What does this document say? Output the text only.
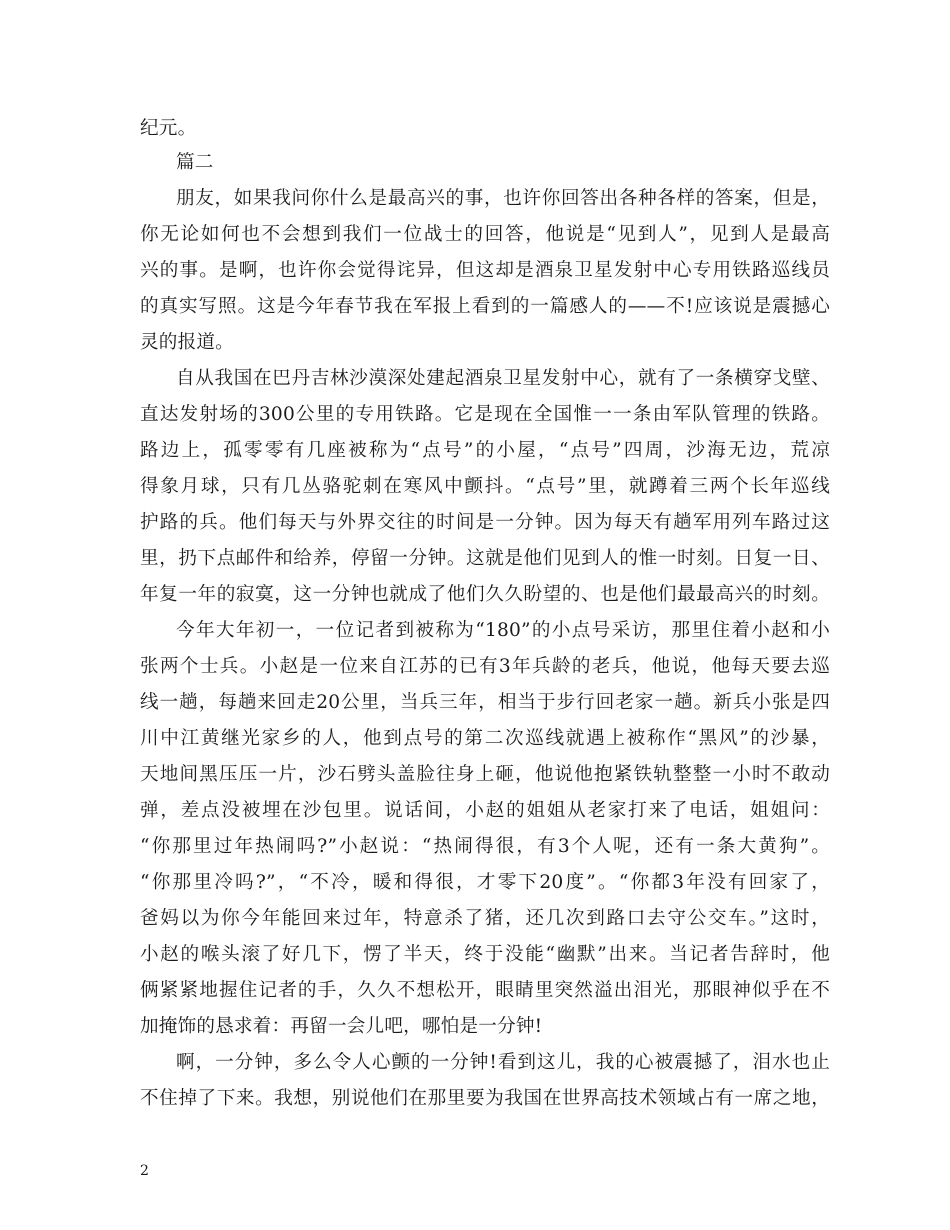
纪元。
篇二
朋友，如果我问你什么是最高兴的事，也许你回答出各种各样的答案，但是，
你无论如何也不会想到我们一位战士的回答，他说是“见到人”，见到人是最高
兴的事。是啊，也许你会觉得诧异，但这却是酒泉卫星发射中心专用铁路巡线员
的真实写照。这是今年春节我在军报上看到的一篇感人的——不!应该说是震撼心
灵的报道。
自从我国在巴丹吉林沙漠深处建起酒泉卫星发射中心，就有了一条横穿戈壁、
直达发射场的300公里的专用铁路。它是现在全国惟一一条由军队管理的铁路。
路边上，孤零零有几座被称为“点号”的小屋，“点号”四周，沙海无边，荒凉
得象月球，只有几丛骆驼刺在寒风中颤抖。“点号”里，就蹲着三两个长年巡线
护路的兵。他们每天与外界交往的时间是一分钟。因为每天有趟军用列车路过这
里，扔下点邮件和给养，停留一分钟。这就是他们见到人的惟一时刻。日复一日、
年复一年的寂寞，这一分钟也就成了他们久久盼望的、也是他们最最高兴的时刻。
今年大年初一，一位记者到被称为“180”的小点号采访，那里住着小赵和小
张两个士兵。小赵是一位来自江苏的已有3年兵龄的老兵，他说，他每天要去巡
线一趟，每趟来回走20公里，当兵三年，相当于步行回老家一趟。新兵小张是四
川中江黄继光家乡的人，他到点号的第二次巡线就遇上被称作“黑风”的沙暴，
天地间黑压压一片，沙石劈头盖脸往身上砸，他说他抱紧铁轨整整一小时不敢动
弹，差点没被埋在沙包里。说话间，小赵的姐姐从老家打来了电话，姐姐问：
“你那里过年热闹吗?”小赵说：“热闹得很，有3个人呢，还有一条大黄狗”。
“你那里冷吗?”，“不冷，暖和得很，才零下20度”。“你都3年没有回家了，
爸妈以为你今年能回来过年，特意杀了猪，还几次到路口去守公交车。”这时，
小赵的喉头滚了好几下，愣了半天，终于没能“幽默”出来。当记者告辞时，他
俩紧紧地握住记者的手，久久不想松开，眼睛里突然溢出泪光，那眼神似乎在不
加掩饰的恳求着：再留一会儿吧，哪怕是一分钟!
啊，一分钟，多么令人心颤的一分钟!看到这儿，我的心被震撼了，泪水也止
不住掉了下来。我想，别说他们在那里要为我国在世界高技术领域占有一席之地，
2
